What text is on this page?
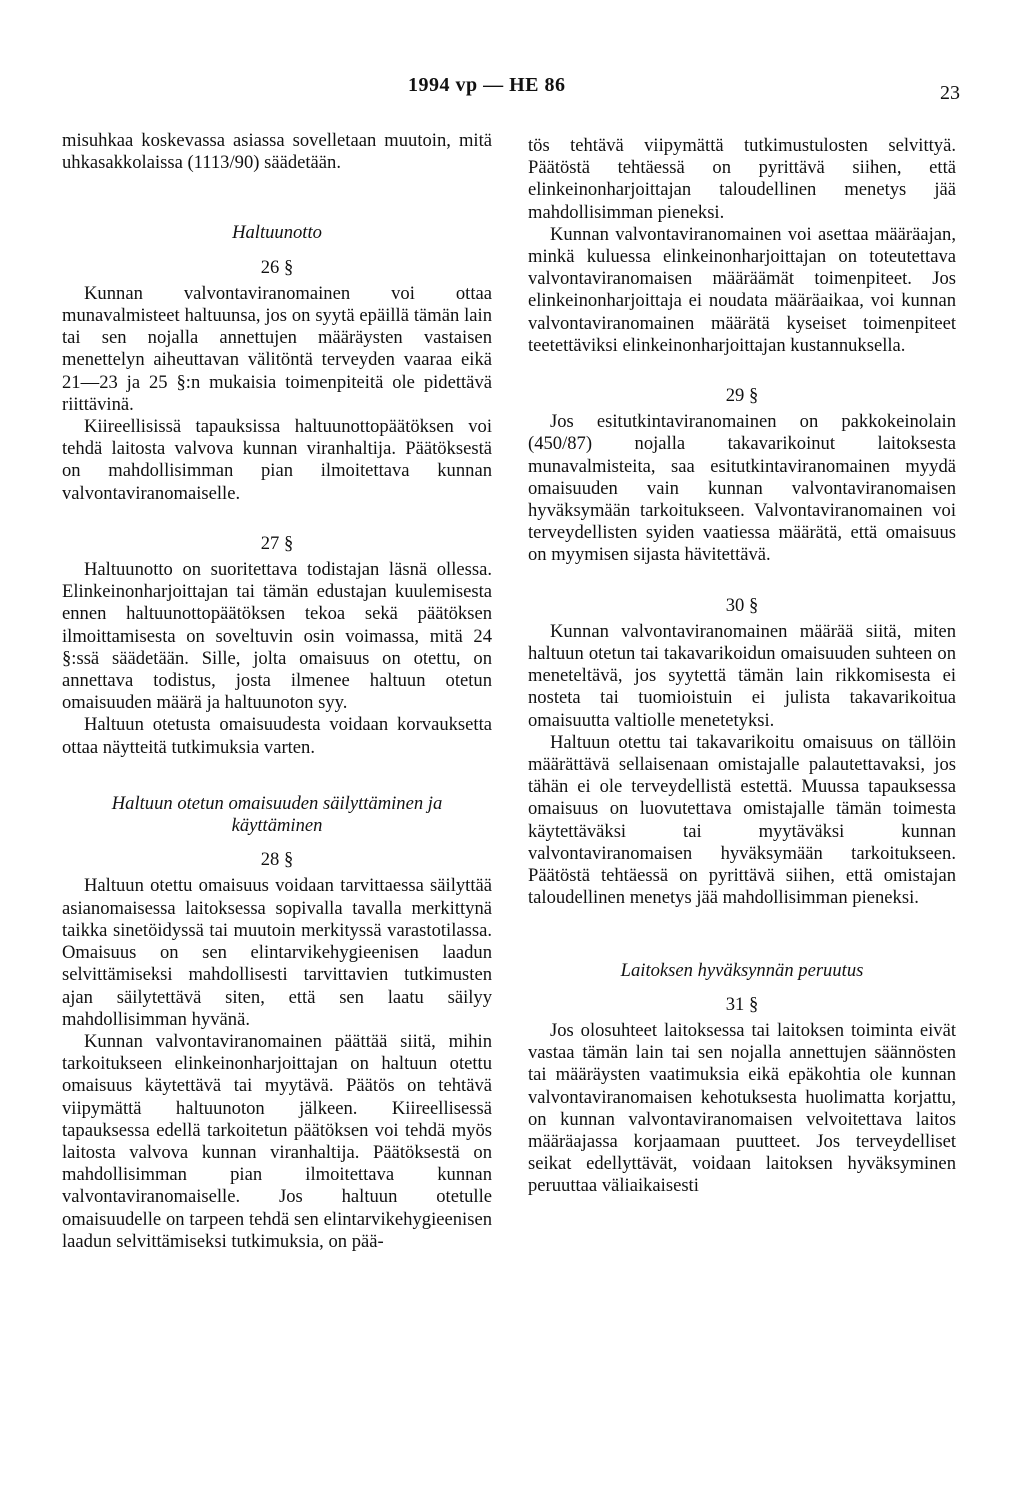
1994 vp — HE 86	23

misuhkaa koskevassa asiassa sovelletaan muutoin, mitä uhkasakkolaissa (1113/90) säädetään.

Haltuunotto
26 §

Kunnan valvontaviranomainen voi ottaa munavalmisteet haltuunsa, jos on syytä epäillä tämän lain tai sen nojalla annettujen määräysten vastaisen menettelyn aiheuttavan välitöntä terveyden vaaraa eikä 21—23 ja 25 §:n mukaisia toimenpiteitä ole pidettävä riittävinä.

Kiireellisissä tapauksissa haltuunottopäätöksen voi tehdä laitosta valvova kunnan viranhaltija. Päätöksestä on mahdollisimman pian ilmoitettava kunnan valvontaviranomaiselle.

27 §

Haltuunotto on suoritettava todistajan läsnä ollessa. Elinkeinonharjoittajan tai tämän edustajan kuulemisesta ennen haltuunottopäätöksen tekoa sekä päätöksen ilmoittamisesta on soveltuvin osin voimassa, mitä 24 §:ssä säädetään. Sille, jolta omaisuus on otettu, on annettava todistus, josta ilmenee haltuun otetun omaisuuden määrä ja haltuunoton syy.

Haltuun otetusta omaisuudesta voidaan korvauksetta ottaa näytteitä tutkimuksia varten.

Haltuun otetun omaisuuden säilyttäminen ja käyttäminen
28 §

Haltuun otettu omaisuus voidaan tarvittaessa säilyttää asianomaisessa laitoksessa sopivalla tavalla merkittynä taikka sinetöidyssä tai muutoin merkityssä varastotilassa. Omaisuus on sen elintarvikehygieenisen laadun selvittämiseksi mahdollisesti tarvittavien tutkimusten ajan säilytettävä siten, että sen laatu säilyy mahdollisimman hyvänä.

Kunnan valvontaviranomainen päättää siitä, mihin tarkoitukseen elinkeinonharjoittajan on haltuun otettu omaisuus käytettävä tai myytävä. Päätös on tehtävä viipymättä haltuunoton jälkeen. Kiireellisessä tapauksessa edellä tarkoitetun päätöksen voi tehdä myös laitosta valvova kunnan viranhaltija. Päätöksestä on mahdollisimman pian ilmoitettava kunnan valvontaviranomaiselle. Jos haltuun otetulle omaisuudelle on tarpeen tehdä sen elintarvikehygieenisen laadun selvittämiseksi tutkimuksia, on pää-

tös tehtävä viipymättä tutkimustulosten selvittyä. Päätöstä tehtäessä on pyrittävä siihen, että elinkeinonharjoittajan taloudellinen menetys jää mahdollisimman pieneksi.

Kunnan valvontaviranomainen voi asettaa määräajan, minkä kuluessa elinkeinonharjoittajan on toteutettava valvontaviranomaisen määräämät toimenpiteet. Jos elinkeinonharjoittaja ei noudata määräaikaa, voi kunnan valvontaviranomainen määrätä kyseiset toimenpiteet teetettäviksi elinkeinonharjoittajan kustannuksella.

29 §

Jos esitutkintaviranomainen on pakkokeinolain (450/87) nojalla takavarikoinut laitoksesta munavalmisteita, saa esitutkintaviranomainen myydä omaisuuden vain kunnan valvontaviranomaisen hyväksymään tarkoitukseen. Valvontaviranomainen voi terveydellisten syiden vaatiessa määrätä, että omaisuus on myymisen sijasta hävitettävä.

30 §

Kunnan valvontaviranomainen määrää siitä, miten haltuun otetun tai takavarikoidun omaisuuden suhteen on meneteltävä, jos syytettä tämän lain rikkomisesta ei nosteta tai tuomioistuin ei julista takavarikoitua omaisuutta valtiolle menetetyksi.

Haltuun otettu tai takavarikoitu omaisuus on tällöin määrättävä sellaisenaan omistajalle palautettavaksi, jos tähän ei ole terveydellistä estettä. Muussa tapauksessa omaisuus on luovutettava omistajalle tämän toimesta käytettäväksi tai myytäväksi kunnan valvontaviranomaisen hyväksymään tarkoitukseen. Päätöstä tehtäessä on pyrittävä siihen, että omistajan taloudellinen menetys jää mahdollisimman pieneksi.

Laitoksen hyväksynnän peruutus
31 §

Jos olosuhteet laitoksessa tai laitoksen toiminta eivät vastaa tämän lain tai sen nojalla annettujen säännösten tai määräysten vaatimuksia eikä epäkohtia ole kunnan valvontaviranomaisen kehotuksesta huolimatta korjattu, on kunnan valvontaviranomaisen velvoitettava laitos määräajassa korjaamaan puutteet. Jos terveydelliset seikat edellyttävät, voidaan laitoksen hyväksyminen peruuttaa väliaikaisesti
